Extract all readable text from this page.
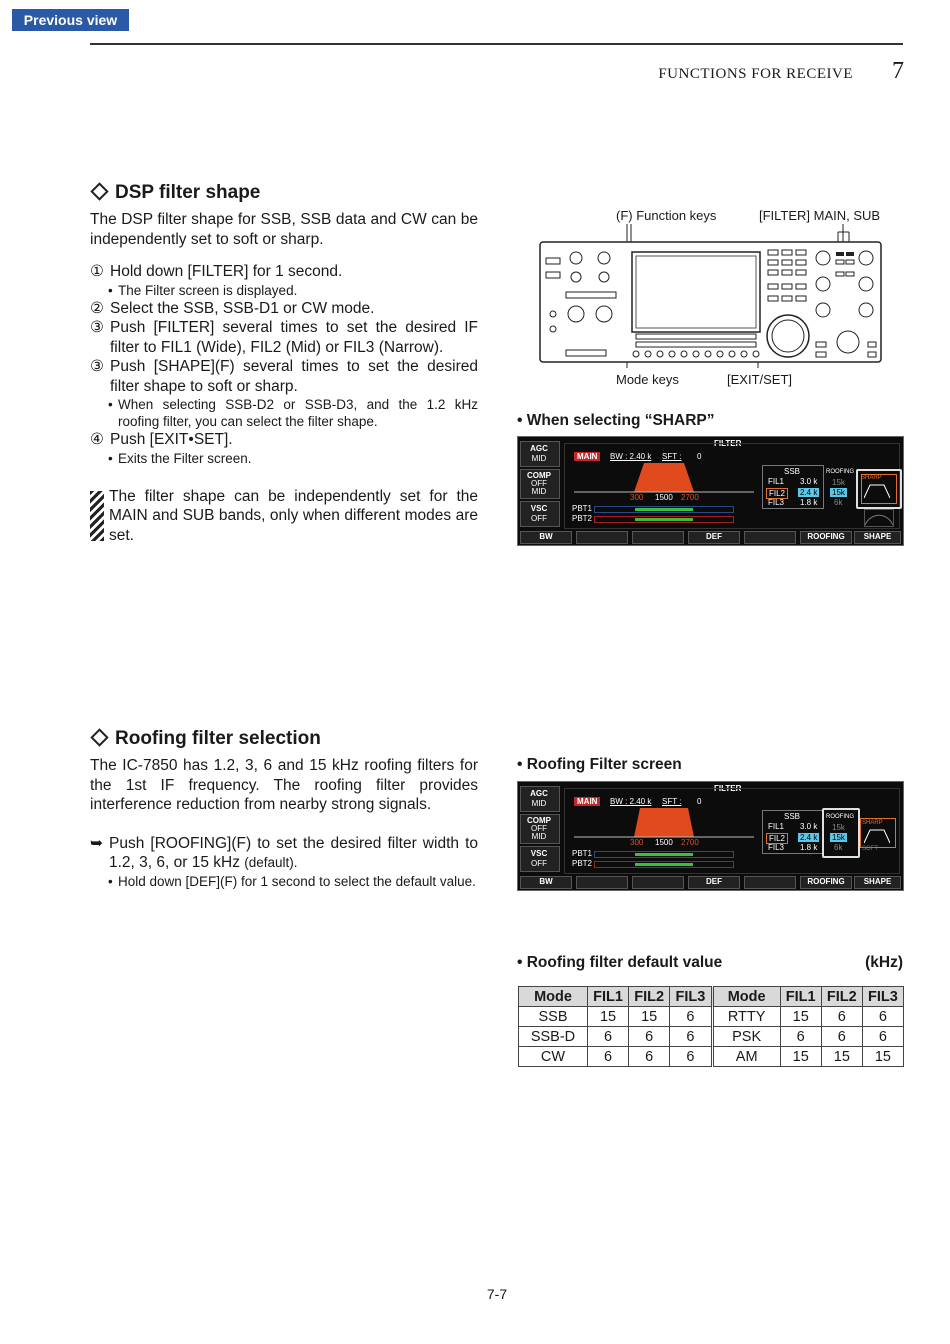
Previous view
FUNCTIONS FOR RECEIVE	7
DSP filter shape
The DSP filter shape for SSB, SSB data and CW can be independently set to soft or sharp.
① Hold down [FILTER] for 1 second.
• The Filter screen is displayed.
② Select the SSB, SSB-D1 or CW mode.
③ Push [FILTER] several times to set the desired IF filter to FIL1 (Wide), FIL2 (Mid) or FIL3 (Narrow).
③ Push [SHAPE](F) several times to set the desired filter shape to soft or sharp.
• When selecting SSB-D2 or SSB-D3, and the 1.2 kHz roofing filter, you can select the filter shape.
④ Push [EXIT•SET].
• Exits the Filter screen.
The filter shape can be independently set for the MAIN and SUB bands, only when different modes are set.
(F) Function keys	[FILTER] MAIN, SUB
Mode keys	[EXIT/SET]
• When selecting “SHARP”
FILTER
AGC
MID
COMP
OFF
MID
VSC
OFF
MAIN	BW : 2.40 k SFT : 0
300 1500 2700
PBT1
PBT2
SSB
FIL1 3.0 k
FIL2	2.4 k
FIL3 1.8 k
ROOFING
15k
15k
6k
SHARP
BW	DEF	ROOFING	SHAPE
Roofing filter selection
The IC-7850 has 1.2, 3, 6 and 15 kHz roofing filters for the 1st IF frequency. The roofing filter provides interference reduction from nearby strong signals.
➥ Push [ROOFING](F) to set the desired filter width to 1.2, 3, 6, or 15 kHz (default).
• Hold down [DEF](F) for 1 second to select the default value.
• Roofing Filter screen
FILTER
AGC
MID
COMP
OFF
MID
VSC
OFF
MAIN	BW : 2.40 k SFT : 0
300 1500 2700
PBT1
PBT2
SSB
FIL1 3.0 k
FIL2	2.4 k
FIL3 1.8 k
ROOFING
15k
15k
6k
SHARP
SOFT
BW	DEF	ROOFING	SHAPE
• Roofing filter default value	(kHz)
Mode	FIL1	FIL2	FIL3	Mode	FIL1	FIL2	FIL3
SSB	15	15	6	RTTY	15	6	6
SSB-D	6	6	6	PSK	6	6	6
CW	6	6	6	AM	15	15	15
7-7
